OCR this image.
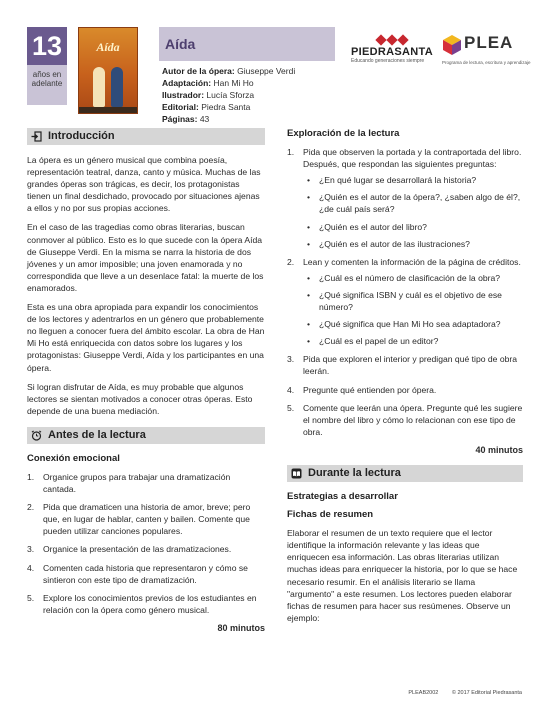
13
años en adelante
Aída	Aída
Autor de la ópera: Giuseppe Verdi
Adaptación: Han Mi Ho
Ilustrador: Lucía Sforza
Editorial: Piedra Santa
Páginas: 43
PIEDRASANTA
Educando generaciones siempre
PLEA
Programa de lectura, escritura y aprendizaje
Introducción

La ópera es un género musical que combina poesía, representación teatral, danza, canto y música. Muchas de las grandes óperas son trágicas, es decir, los protagonistas tienen un final desdichado, provocado por situaciones ajenas a ellos y no por sus propias acciones.

En el caso de las tragedias como obras literarias, buscan conmover al público. Esto es lo que sucede con la ópera Aída de Giuseppe Verdi. En la misma se narra la historia de dos jóvenes y un amor imposible; una joven enamorada y no correspondida que lleve a un desenlace fatal: la muerte de los enamorados.

Esta es una obra apropiada para expandir los conocimientos de los lectores y adentrarlos en un género que probablemente no lleguen a conocer fuera del ámbito escolar. La obra de Han Mi Ho está enriquecida con datos sobre los lugares y los protagonistas: Giuseppe Verdi, Aída y los participantes en una ópera.

Si logran disfrutar de Aída, es muy probable que algunos lectores se sientan motivados a conocer otras óperas. Esto depende de una buena mediación.

Antes de la lectura
Conexión emocional
1. Organice grupos para trabajar una dramatización cantada.
2. Pida que dramaticen una historia de amor, breve; pero que, en lugar de hablar, canten y bailen. Comente que pueden utilizar canciones populares.
3. Organice la presentación de las dramatizaciones.
4. Comenten cada historia que representaron y cómo se sintieron con este tipo de dramatización.
5. Explore los conocimientos previos de los estudiantes en relación con la ópera como género musical.
80 minutos
Exploración de la lectura
1. Pida que observen la portada y la contraportada del libro. Después, que respondan las siguientes preguntas:
• ¿En qué lugar se desarrollará la historia?
• ¿Quién es el autor de la ópera?, ¿saben algo de él?, ¿de cuál país será?
• ¿Quién es el autor del libro?
• ¿Quién es el autor de las ilustraciones?
2. Lean y comenten la información de la página de créditos.
• ¿Cuál es el número de clasificación de la obra?
• ¿Qué significa ISBN y cuál es el objetivo de ese número?
• ¿Qué significa que Han Mi Ho sea adaptadora?
• ¿Cuál es el papel de un editor?
3. Pida que exploren el interior y predigan qué tipo de obra leerán.
4. Pregunte qué entienden por ópera.
5. Comente que leerán una ópera. Pregunte qué les sugiere el nombre del libro y cómo lo relacionan con ese tipo de obra.
40 minutos
Durante la lectura
Estrategias a desarrollar
Fichas de resumen

Elaborar el resumen de un texto requiere que el lector identifique la información relevante y las ideas que enriquecen esa información. Las obras literarias utilizan muchas ideas para enriquecer la historia, por lo que se hace necesario resumir. En el análisis literario se llama "argumento" a este resumen. Los lectores pueden elaborar fichas de resumen para hacer sus resúmenes. Observe un ejemplo:

PLEAB2002 © 2017 Editorial Piedrasanta
